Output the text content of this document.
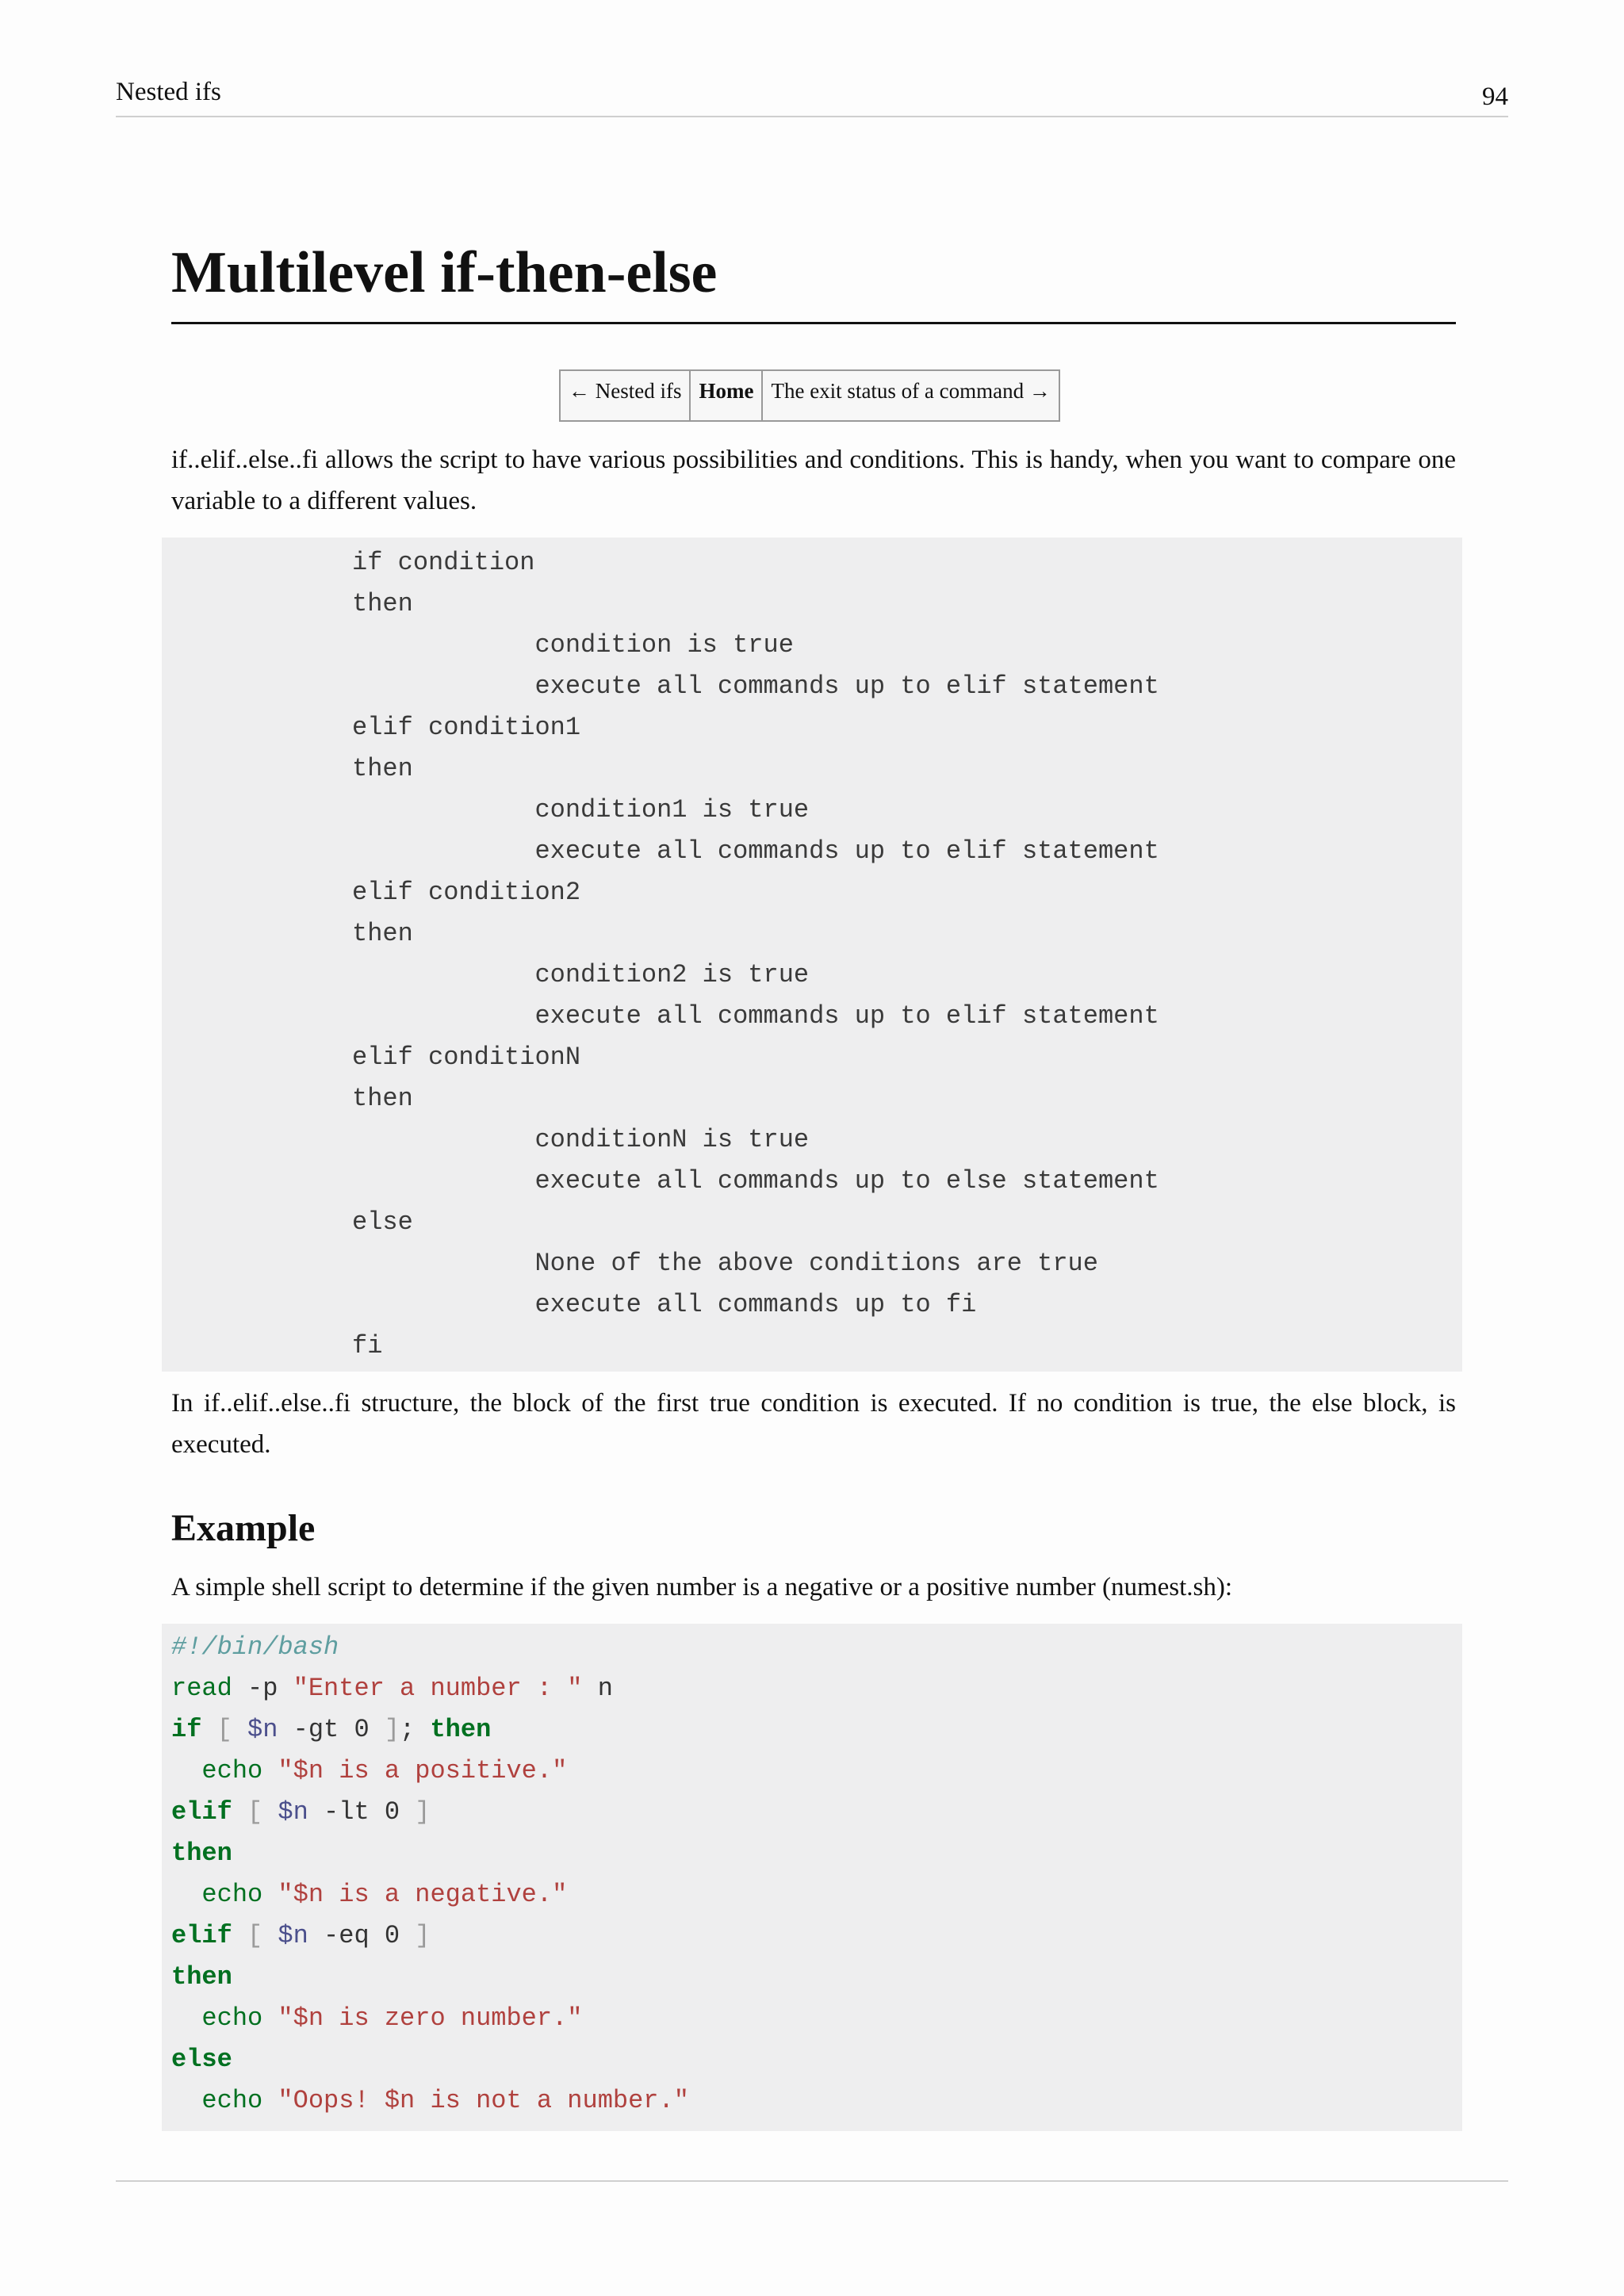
Nested ifs	94
Multilevel if-then-else
← Nested ifs Home The exit status of a command →

if..elif..else..fi allows the script to have various possibilities and conditions. This is handy, when you want to compare one variable to a different values.

if condition
then
condition is true
execute all commands up to elif statement
elif condition1
then
condition1 is true
execute all commands up to elif statement
elif condition2
then
condition2 is true
execute all commands up to elif statement
elif conditionN
then
conditionN is true
execute all commands up to else statement
else
None of the above conditions are true
execute all commands up to fi
fi

In if..elif..else..fi structure, the block of the first true condition is executed. If no condition is true, the else block, is executed.

Example

A simple shell script to determine if the given number is a negative or a positive number (numest.sh):

#!/bin/bash
read -p "Enter a number : " n
if [ $n -gt 0 ]; then
echo "$n is a positive."
elif [ $n -lt 0 ]
then
echo "$n is a negative."
elif [ $n -eq 0 ]
then
echo "$n is zero number."
else
echo "Oops! $n is not a number."
